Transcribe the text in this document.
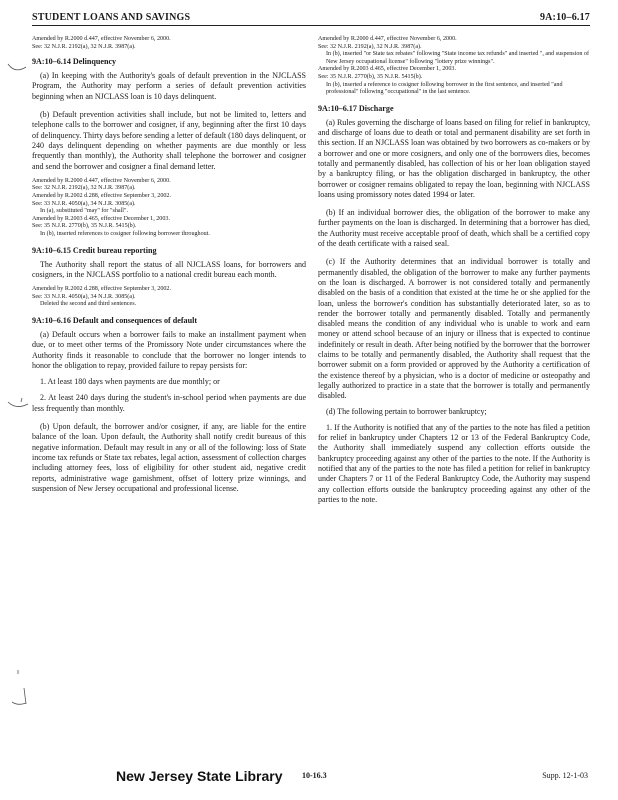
STUDENT LOANS AND SAVINGS	9A:10–6.17

Amended by R.2000 d.447, effective November 6, 2000.

See: 32 N.J.R. 2192(a), 32 N.J.R. 3987(a).

9A:10–6.14 Delinquency

(a) In keeping with the Authority's goals of default prevention in the NJCLASS Program, the Authority may perform a series of default prevention activities beginning when an NJCLASS loan is 10 days delinquent.

(b) Default prevention activities shall include, but not be limited to, letters and telephone calls to the borrower and cosigner, if any, beginning after the first 10 days of delinquency. Thirty days before sending a letter of default (180 days delinquent, or 240 days delinquent depending on whether payments are due monthly or less frequently than monthly), the Authority shall telephone the borrower and cosigner and send the borrower and cosigner a final demand letter.

Amended by R.2000 d.447, effective November 6, 2000.

See: 32 N.J.R. 2192(a), 32 N.J.R. 3987(a).

Amended by R.2002 d.288, effective September 3, 2002.

See: 33 N.J.R. 4050(a), 34 N.J.R. 3085(a).

In (a), substituted "may" for "shall".

Amended by R.2003 d.465, effective December 1, 2003.

See: 35 N.J.R. 2770(b), 35 N.J.R. 5415(b).

In (b), inserted references to cosigner following borrower throughout.

9A:10–6.15 Credit bureau reporting

The Authority shall report the status of all NJCLASS loans, for borrowers and cosigners, in the NJCLASS portfolio to a national credit bureau each month.

Amended by R.2002 d.288, effective September 3, 2002.

See: 33 N.J.R. 4050(a), 34 N.J.R. 3085(a).

Deleted the second and third sentences.

9A:10–6.16 Default and consequences of default

(a) Default occurs when a borrower fails to make an installment payment when due, or to meet other terms of the Promissory Note under circumstances where the Authority finds it reasonable to conclude that the borrower no longer intends to honor the obligation to repay, provided failure to repay persists for:

1. At least 180 days when payments are due monthly; or

2. At least 240 days during the student's in-school period when payments are due less frequently than monthly.

(b) Upon default, the borrower and/or cosigner, if any, are liable for the entire balance of the loan. Upon default, the Authority shall notify credit bureaus of this negative information. Default may result in any or all of the following: loss of State income tax refunds or State tax rebates, legal action, assessment of collection charges including attorney fees, loss of eligibility for other student aid, negative credit reports, administrative wage garnishment, offset of lottery prize winnings, and suspension of New Jersey occupational and professional license.

Amended by R.2000 d.447, effective November 6, 2000.

See: 32 N.J.R. 2192(a), 32 N.J.R. 3987(a).

In (b), inserted "or State tax rebates" following "State income tax refunds" and inserted ", and suspension of New Jersey occupational license" following "lottery prize winnings".

Amended by R.2003 d.465, effective December 1, 2003.

See: 35 N.J.R. 2770(b), 35 N.J.R. 5415(b).

In (b), inserted a reference to cosigner following borrower in the first sentence, and inserted "and professional" following "occupational" in the last sentence.

9A:10–6.17 Discharge

(a) Rules governing the discharge of loans based on filing for relief in bankruptcy, and discharge of loans due to death or total and permanent disability are set forth in this section. If an NJCLASS loan was obtained by two borrowers as co-makers or by a borrower and one or more cosigners, and only one of the borrowers dies, becomes totally and permanently disabled, has collection of his or her loan obligation stayed by a bankruptcy filing, or has the obligation discharged in bankruptcy, the other borrower or cosigner remains obligated to repay the loan, beginning with NJCLASS loans using promissory notes dated 1994 or later.

(b) If an individual borrower dies, the obligation of the borrower to make any further payments on the loan is discharged. In determining that a borrower has died, the Authority must receive acceptable proof of death, which shall be a certified copy of the death certificate with a raised seal.

(c) If the Authority determines that an individual borrower is totally and permanently disabled, the obligation of the borrower to make any further payments on the loan is discharged. A borrower is not considered totally and permanently disabled on the basis of a condition that existed at the time he or she applied for the loan, unless the borrower's condition has substantially deteriorated later, so as to render the borrower totally and permanently disabled. Totally and permanently disabled means the condition of any individual who is unable to work and earn money or attend school because of an injury or illness that is expected to continue indefinitely or result in death. After being notified by the borrower that the borrower claims to be totally and permanently disabled, the Authority shall request that the borrower submit on a form provided or approved by the Authority a certification of the existence thereof by a physician, who is a doctor of medicine or osteopathy and legally authorized to practice in a state that the borrower is totally and permanently disabled.

(d) The following pertain to borrower bankruptcy;

1. If the Authority is notified that any of the parties to the note has filed a petition for relief in bankruptcy under Chapters 12 or 13 of the Federal Bankruptcy Code, the Authority shall immediately suspend any collection efforts outside the bankruptcy proceeding against any other of the parties to the note. If the Authority is notified that any of the parties to the note has filed a petition for relief in bankruptcy under Chapters 7 or 11 of the Federal Bankruptcy Code, the Authority may suspend any collection efforts outside the bankruptcy proceeding against any other of the parties to the note.

New Jersey State Library 10-16.3	Supp. 12-1-03
